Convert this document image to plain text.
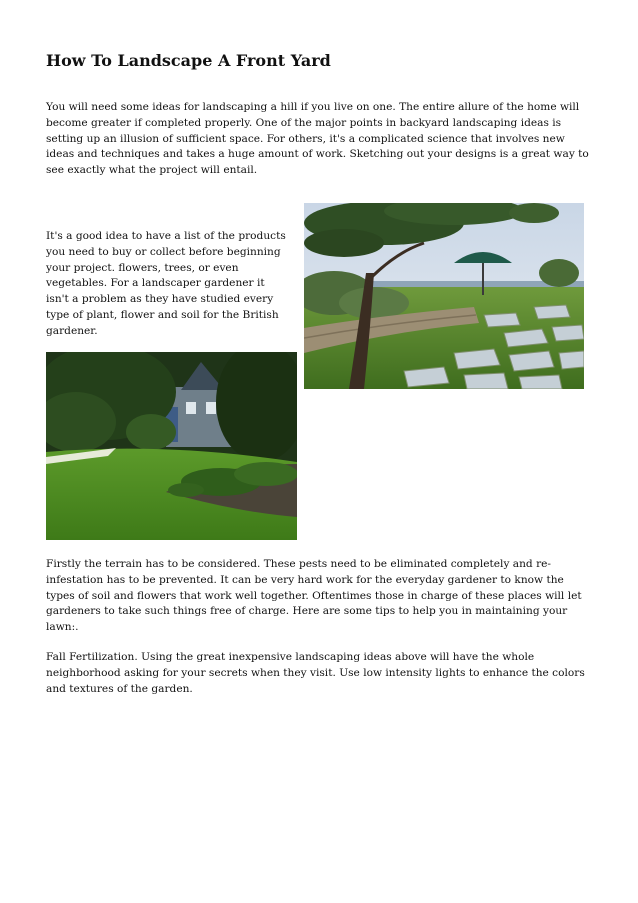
How To Landscape A Front Yard

You will need some ideas for landscaping a hill if you live on one. The entire allure of the home will become greater if completed properly. One of the major points in backyard landscaping ideas is setting up an illusion of sufficient space. For others, it's a complicated science that involves new ideas and techniques and takes a huge amount of work. Sketching out your designs is a great way to see exactly what the project will entail.

It's a good idea to have a list of the products you need to buy or collect before beginning your project. flowers, trees, or even vegetables. For a landscaper gardener it isn't a problem as they have studied every type of plant, flower and soil for the British gardener.

Firstly the terrain has to be considered. These pests need to be eliminated completely and re-infestation has to be prevented. It can be very hard work for the everyday gardener to know the types of soil and flowers that work well together. Oftentimes those in charge of these places will let gardeners to take such things free of charge. Here are some tips to help you in maintaining your lawn:.

Fall Fertilization. Using the great inexpensive landscaping ideas above will have the whole neighborhood asking for your secrets when they visit. Use low intensity lights to enhance the colors and textures of the garden.
